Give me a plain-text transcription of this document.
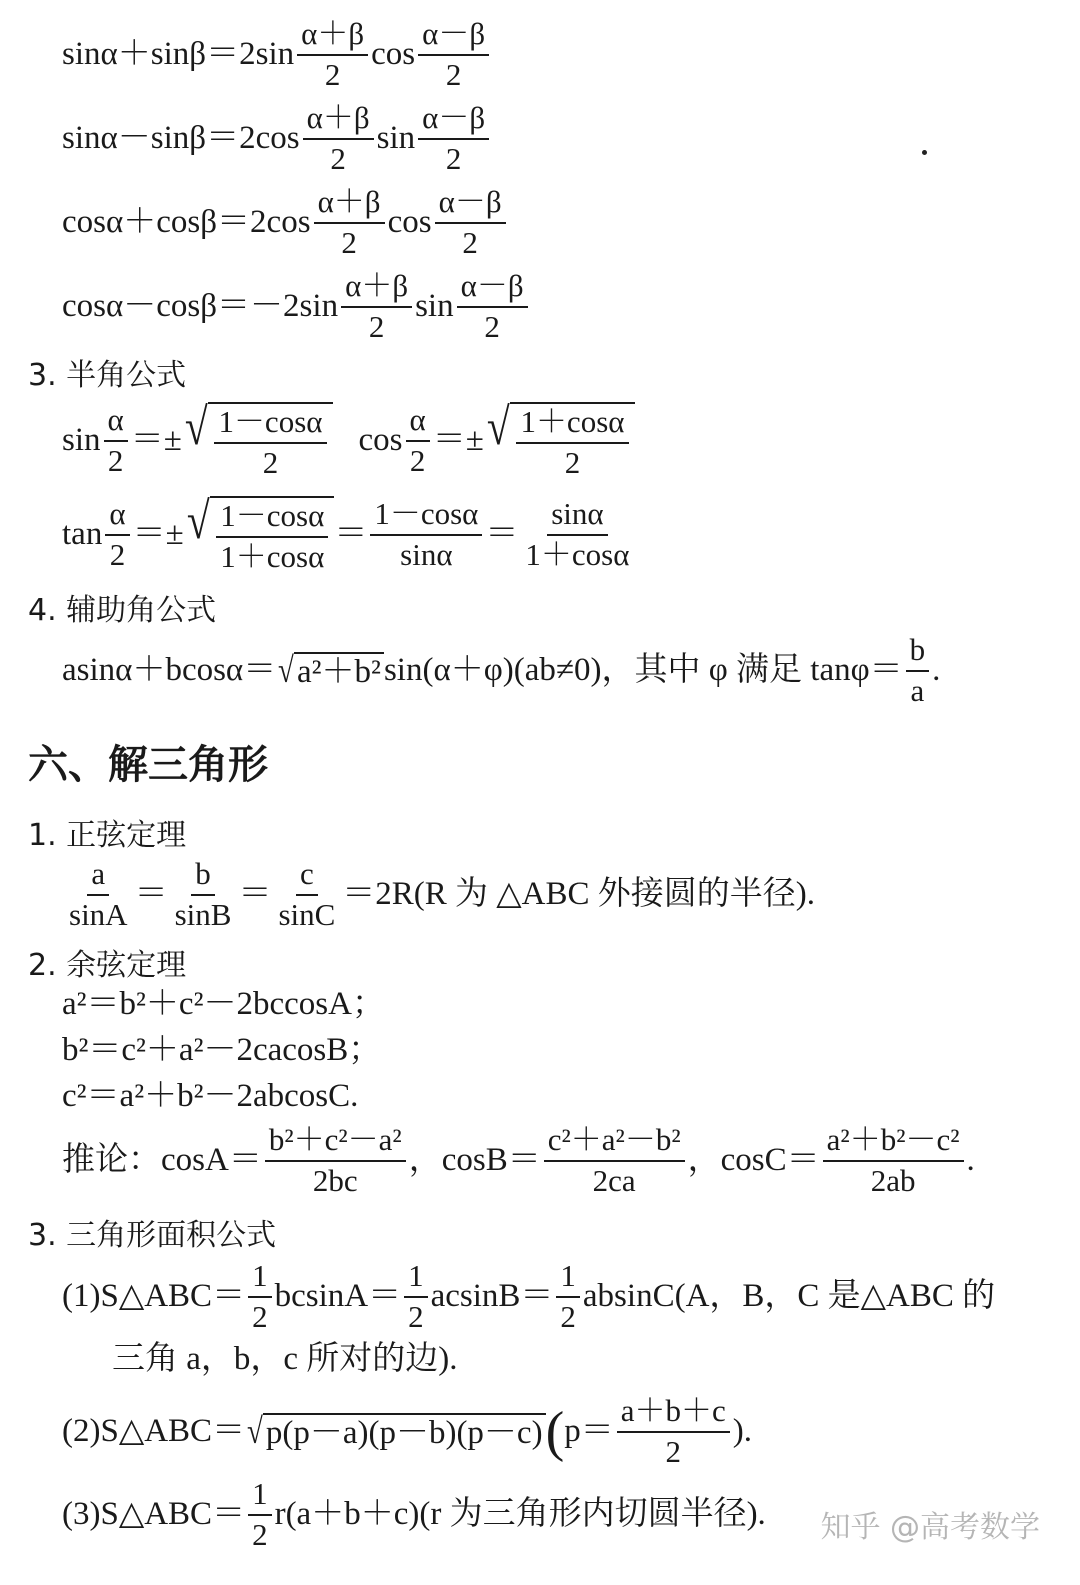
$\sin\alpha+\sin\beta=2\sin \frac{\alpha+\beta}{2}$ $\cos \frac{\alpha-\beta}{2}$
$\sin\alpha-\sin\beta=2\cos \frac{\alpha+\beta}{2}$ $\sin \frac{\alpha-\beta}{2}$
$\cos\alpha+\cos\beta=2\cos \frac{\alpha+\beta}{2}$ $\cos \frac{\alpha-\beta}{2}$
$\cos\alpha-\cos\beta=-2\sin \frac{\alpha+\beta}{2}$ $\sin \frac{\alpha-\beta}{2}$
3. 半角公式
$\sin \frac{\alpha}{2}$ ＝± √ $\frac{1-\cos\alpha}{2}$ $\cos \frac{\alpha}{2}$ ＝± √ $\frac{1+\cos\alpha}{2}$
$\tan \frac{\alpha}{2}$ ＝± √ $\frac{1-\cos\alpha}{1+\cos\alpha} = \frac{1-\cos\alpha}{\sin\alpha} = \frac{\sin\alpha}{1+\cos\alpha}$
4. 辅助角公式
asinα＋bcosα＝ √ a²＋b² sin(α＋φ)(ab≠0)，其中 φ 满足 $\tan\varphi= \frac{b}{a}$ .
六、解三角形
1. 正弦定理
$\frac{a}{\sin A} = \frac{b}{\sin B} = \frac{c}{\sin C} =2R(R$ 为 △ABC 外接圆的半径).
2. 余弦定理
a²＝b²＋c²－2bccosA；
b²＝c²＋a²－2cacosB；
c²＝a²＋b²－2abcosC.
推论：$\cos A= \frac{\text{b²＋c²－a²}}{2bc}$ ，$\cos B= \frac{\text{c²＋a²－b²}}{2ca}$ ，$\cos C= \frac{\text{a²＋b²－c²}}{2ab}$ .
3. 三角形面积公式
(1)S△ABC＝ $\frac{1}{2} bcsinA= \frac{1}{2} acsinB= \frac{1}{2} absinC(A$，B，C 是△ABC 的
三角 a，b，c 所对的边).
(2)S△ABC＝ √ p(p－a)(p－b)(p－c) ( $p= \frac{a+b+c}{2}$ ).
(3)S△ABC＝ $\frac{1}{2} r(a+b+c)(r$ 为三角形内切圆半径). 知乎 @高考数学
